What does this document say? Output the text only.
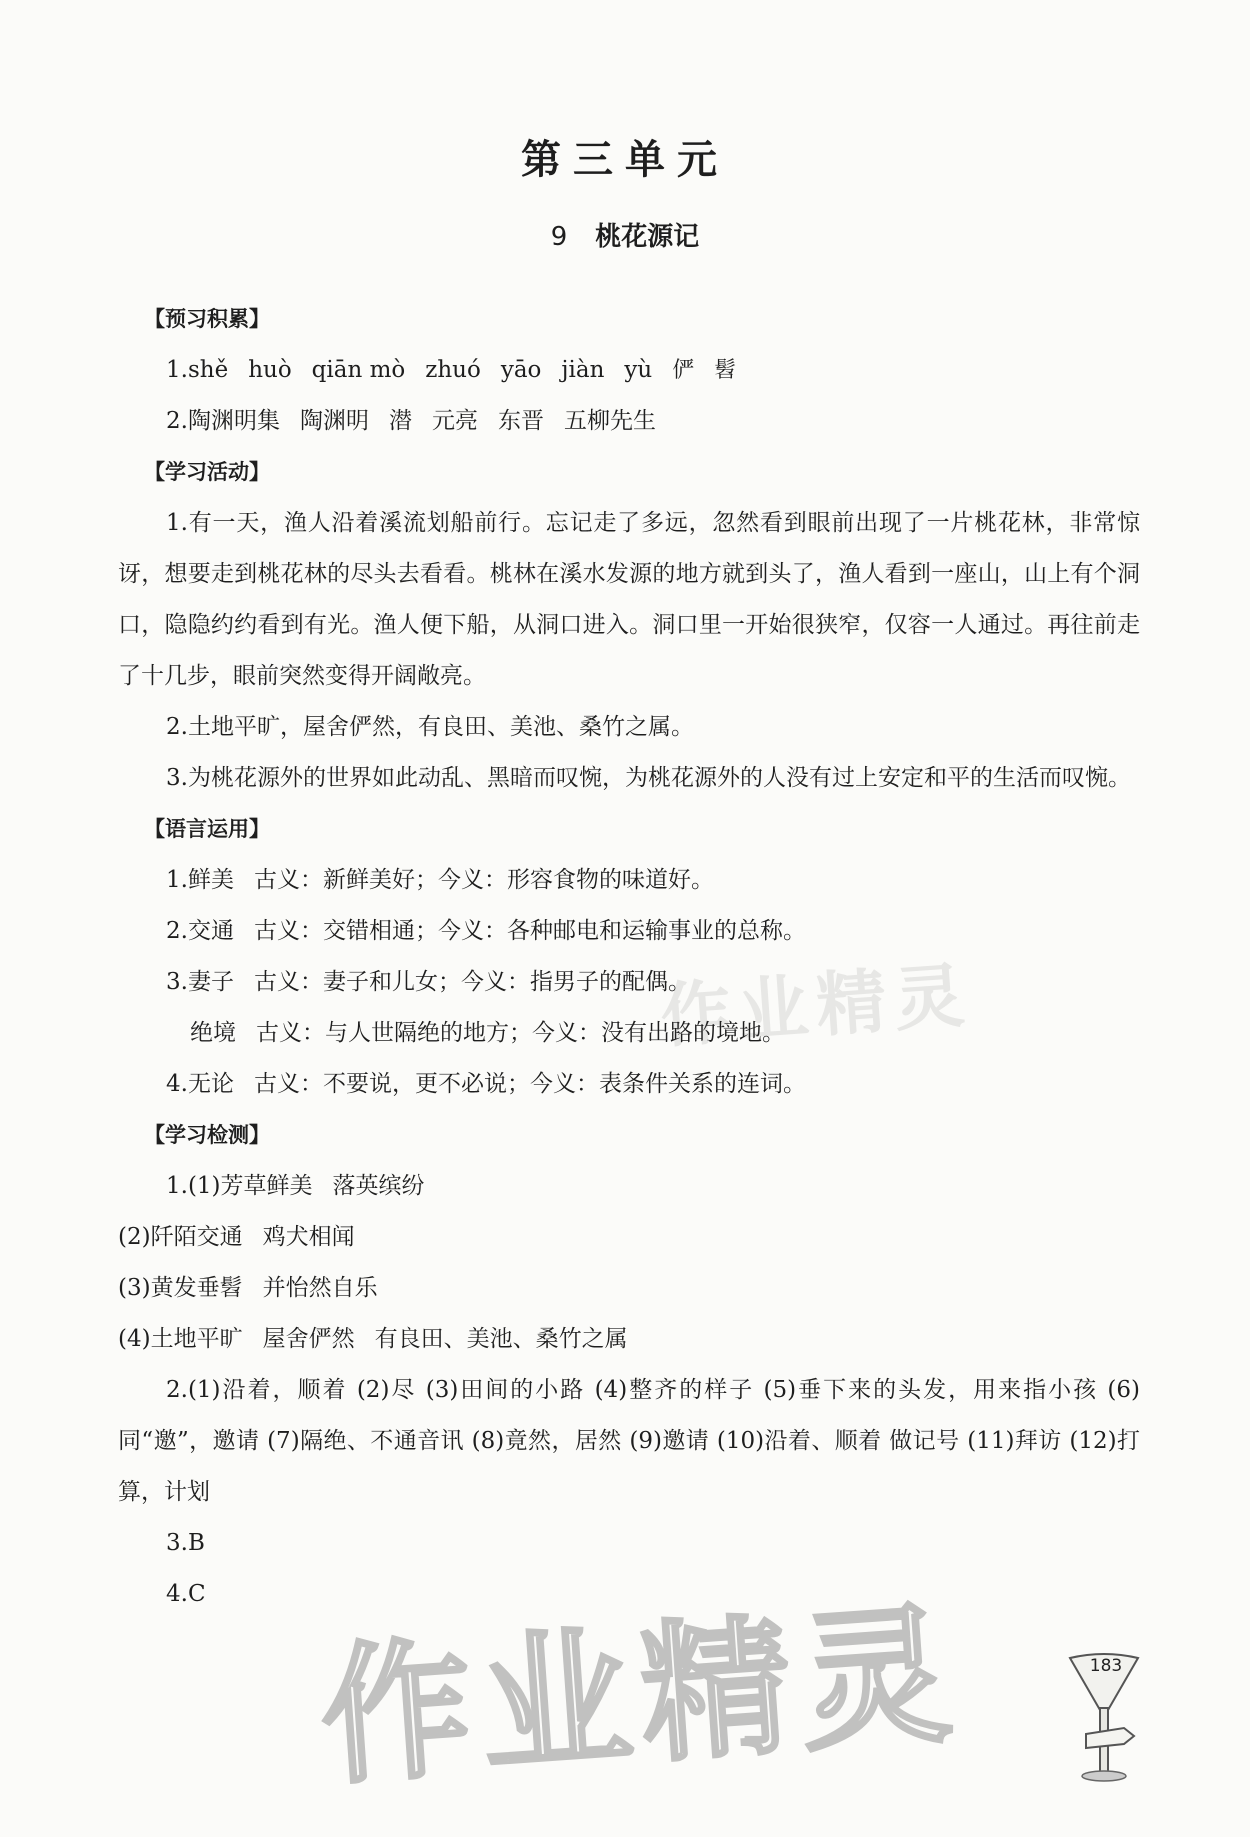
第三单元
9 桃花源记
【预习积累】

1.shě huò qiān mò zhuó yāo jiàn yù 俨 髫

2.陶渊明集 陶渊明 潜 元亮 东晋 五柳先生

【学习活动】

1.有一天，渔人沿着溪流划船前行。忘记走了多远，忽然看到眼前出现了一片桃花林，非常惊讶，想要走到桃花林的尽头去看看。桃林在溪水发源的地方就到头了，渔人看到一座山，山上有个洞口，隐隐约约看到有光。渔人便下船，从洞口进入。洞口里一开始很狭窄，仅容一人通过。再往前走了十几步，眼前突然变得开阔敞亮。

2.土地平旷，屋舍俨然，有良田、美池、桑竹之属。

3.为桃花源外的世界如此动乱、黑暗而叹惋，为桃花源外的人没有过上安定和平的生活而叹惋。

【语言运用】

1.鲜美 古义：新鲜美好；今义：形容食物的味道好。

2.交通 古义：交错相通；今义：各种邮电和运输事业的总称。

3.妻子 古义：妻子和儿女；今义：指男子的配偶。

绝境 古义：与人世隔绝的地方；今义：没有出路的境地。

4.无论 古义：不要说，更不必说；今义：表条件关系的连词。

【学习检测】

1.(1)芳草鲜美 落英缤纷

(2)阡陌交通 鸡犬相闻

(3)黄发垂髫 并怡然自乐

(4)土地平旷 屋舍俨然 有良田、美池、桑竹之属

2.(1)沿着，顺着 (2)尽 (3)田间的小路 (4)整齐的样子 (5)垂下来的头发，用来指小孩 (6)同“邀”，邀请 (7)隔绝、不通音讯 (8)竟然，居然 (9)邀请 (10)沿着、顺着 做记号 (11)拜访 (12)打算，计划

3.B

4.C

作业精灵
作业精灵	183
